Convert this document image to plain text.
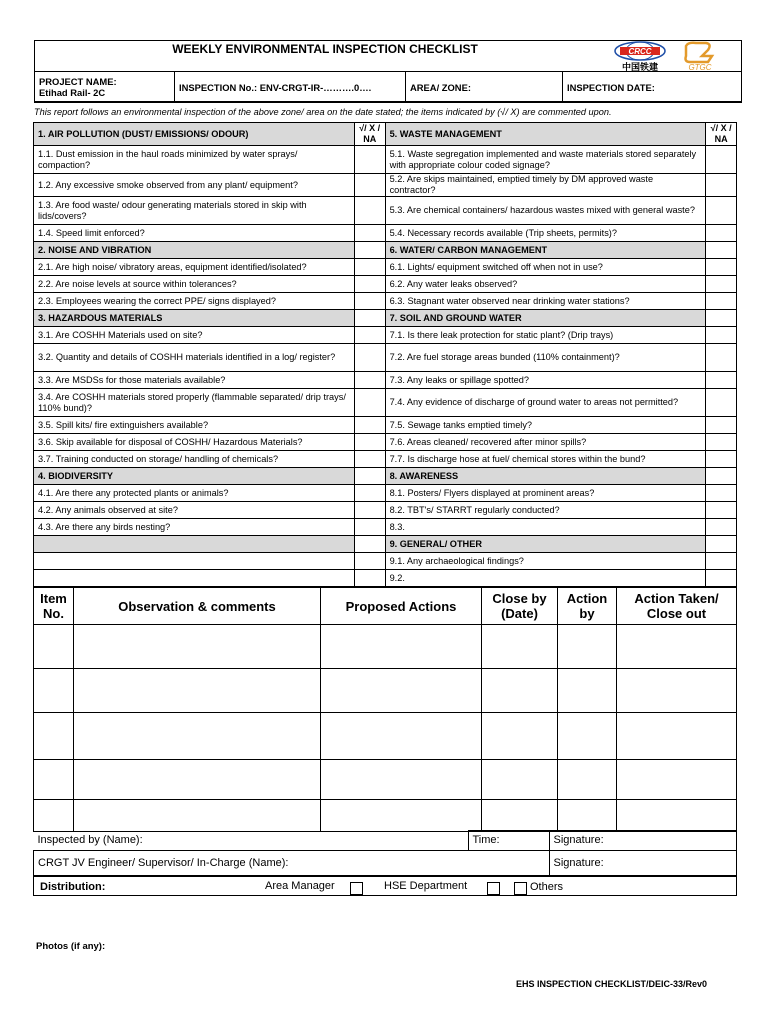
WEEKLY ENVIRONMENTAL INSPECTION CHECKLIST
PROJECT NAME:
Etihad Rail- 2C	INSPECTION No.: ENV-CRGT-IR-……….0….	AREA/ ZONE:	INSPECTION DATE:
CRCC
中国铁建	GTGC
This report follows an environmental inspection of the above zone/ area on the date stated; the items indicated by (√/ X) are commented upon.
1. AIR POLLUTION (DUST/ EMISSIONS/ ODOUR)	√/ X / NA	5. WASTE MANAGEMENT	√/ X / NA
1.1. Dust emission in the haul roads minimized by water sprays/ compaction?		5.1. Waste segregation implemented and waste materials stored separately with appropriate colour coded signage?	
1.2. Any excessive smoke observed from any plant/ equipment?		5.2. Are skips maintained, emptied timely by DM approved waste contractor?	
1.3. Are food waste/ odour generating materials stored in skip with lids/covers?		5.3. Are chemical containers/ hazardous wastes mixed with general waste?	
1.4. Speed limit enforced?		5.4. Necessary records available (Trip sheets, permits)?	
2. NOISE AND VIBRATION		6. WATER/ CARBON MANAGEMENT	
2.1. Are high noise/ vibratory areas, equipment identified/isolated?		6.1. Lights/ equipment switched off when not in use?	
2.2. Are noise levels at source within tolerances?		6.2. Any water leaks observed?	
2.3. Employees wearing the correct PPE/ signs displayed?		6.3. Stagnant water observed near drinking water stations?	
3. HAZARDOUS MATERIALS		7. SOIL AND GROUND WATER	
3.1. Are COSHH Materials used on site?		7.1. Is there leak protection for static plant? (Drip trays)	
3.2. Quantity and details of COSHH materials identified in a log/ register?		7.2. Are fuel storage areas bunded (110% containment)?	
3.3. Are MSDSs for those materials available?		7.3. Any leaks or spillage spotted?	
3.4. Are COSHH materials stored properly (flammable separated/ drip trays/ 110% bund)?		7.4. Any evidence of discharge of ground water to areas not permitted?	
3.5. Spill kits/ fire extinguishers available?		7.5. Sewage tanks emptied timely?	
3.6. Skip available for disposal of COSHH/ Hazardous Materials?		7.6. Areas cleaned/ recovered after minor spills?	
3.7. Training conducted on storage/ handling of chemicals?		7.7. Is discharge hose at fuel/ chemical stores within the bund?	
4. BIODIVERSITY		8. AWARENESS	
4.1. Are there any protected plants or animals?		8.1. Posters/ Flyers displayed at prominent areas?	
4.2. Any animals observed at site?		8.2. TBT's/ STARRT regularly conducted?	
4.3. Are there any birds nesting?		8.3.	
		9. GENERAL/ OTHER	
		9.1. Any archaeological findings?	
		9.2.	
Item No.	Observation & comments	Proposed Actions	Close by (Date)	Action by	Action Taken/ Close out

Inspected by (Name):	Time:	Signature:
CRGT JV Engineer/ Supervisor/ In-Charge (Name):		Signature:
Distribution:	Area Manager	HSE Department	Others
Photos (if any):
EHS INSPECTION CHECKLIST/DEIC-33/Rev0
